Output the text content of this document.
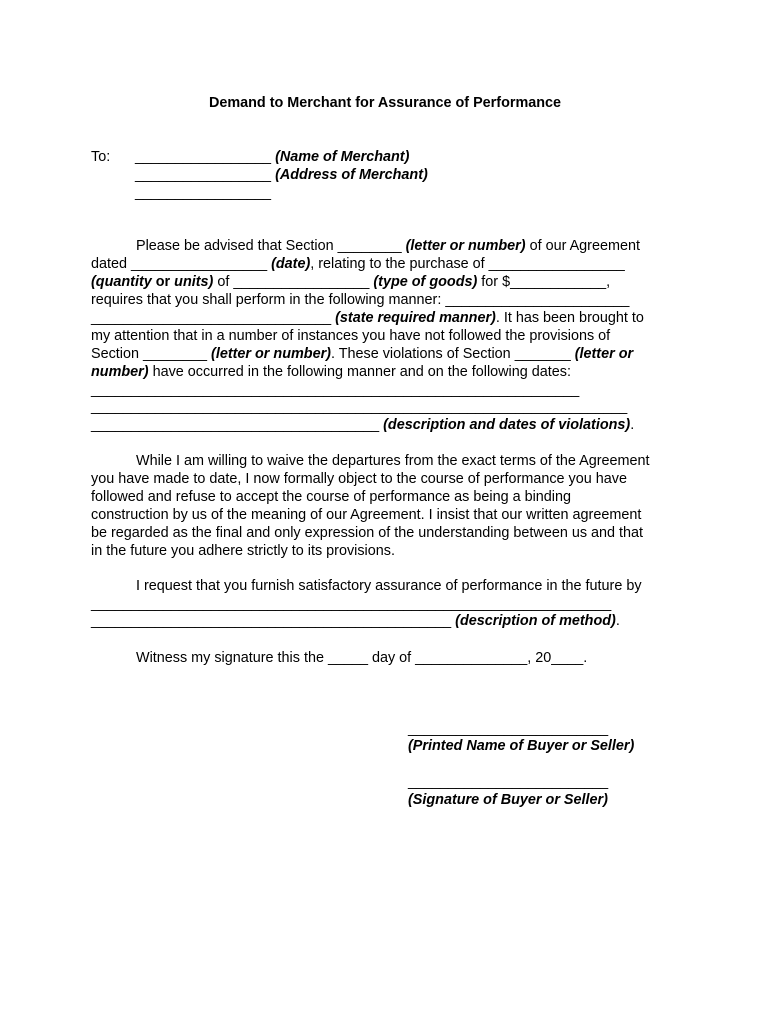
Demand to Merchant for Assurance of Performance
To: _________________ (Name of Merchant)
_________________ (Address of Merchant)
_________________
Please be advised that Section ________ (letter or number) of our Agreement
dated _________________ (date), relating to the purchase of _________________
(quantity or units) of _________________ (type of goods) for $____________,
requires that you shall perform in the following manner: _______________________
______________________________ (state required manner). It has been brought to
my attention that in a number of instances you have not followed the provisions of
Section ________ (letter or number). These violations of Section _______ (letter or
number) have occurred in the following manner and on the following dates:
_____________________________________________________________
___________________________________________________________________
____________________________________ (description and dates of violations).
While I am willing to waive the departures from the exact terms of the Agreement
you have made to date, I now formally object to the course of performance you have
followed and refuse to accept the course of performance as being a binding
construction by us of the meaning of our Agreement. I insist that our written agreement
be regarded as the final and only expression of the understanding between us and that
in the future you adhere strictly to its provisions.
I request that you furnish satisfactory assurance of performance in the future by
_________________________________________________________________
_____________________________________________ (description of method).
Witness my signature this the _____ day of ______________, 20____.
_________________________
(Printed Name of Buyer or Seller)
_________________________
(Signature of Buyer or Seller)
